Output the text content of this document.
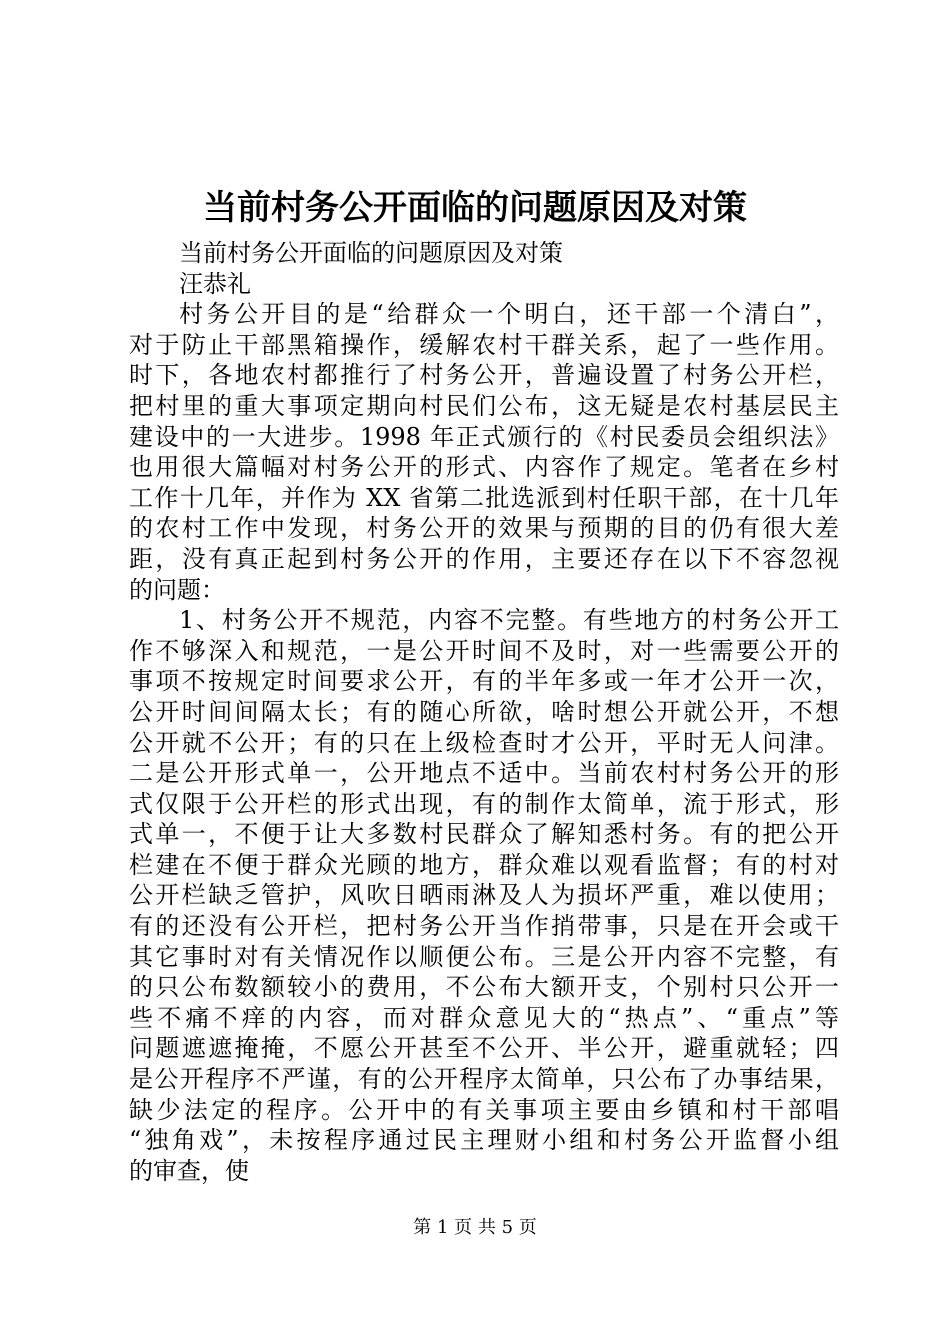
当前村务公开面临的问题原因及对策
当前村务公开面临的问题原因及对策
汪恭礼
村务公开目的是“给群众一个明白，还干部一个清白”，
对于防止干部黑箱操作，缓解农村干群关系，起了一些作用。
时下，各地农村都推行了村务公开，普遍设置了村务公开栏，
把村里的重大事项定期向村民们公布，这无疑是农村基层民主
建设中的一大进步。1998 年正式颁行的《村民委员会组织法》
也用很大篇幅对村务公开的形式、内容作了规定。笔者在乡村
工作十几年，并作为 XX 省第二批选派到村任职干部，在十几年
的农村工作中发现，村务公开的效果与预期的目的仍有很大差
距，没有真正起到村务公开的作用，主要还存在以下不容忽视
的问题：
1、村务公开不规范，内容不完整。有些地方的村务公开工
作不够深入和规范，一是公开时间不及时，对一些需要公开的
事项不按规定时间要求公开，有的半年多或一年才公开一次，
公开时间间隔太长；有的随心所欲，啥时想公开就公开，不想
公开就不公开；有的只在上级检查时才公开，平时无人问津。
二是公开形式单一，公开地点不适中。当前农村村务公开的形
式仅限于公开栏的形式出现，有的制作太简单，流于形式，形
式单一，不便于让大多数村民群众了解知悉村务。有的把公开
栏建在不便于群众光顾的地方，群众难以观看监督；有的村对
公开栏缺乏管护，风吹日晒雨淋及人为损坏严重，难以使用；
有的还没有公开栏，把村务公开当作捎带事，只是在开会或干
其它事时对有关情况作以顺便公布。三是公开内容不完整，有
的只公布数额较小的费用，不公布大额开支，个别村只公开一
些不痛不痒的内容，而对群众意见大的“热点”、“重点”等
问题遮遮掩掩，不愿公开甚至不公开、半公开，避重就轻；四
是公开程序不严谨，有的公开程序太简单，只公布了办事结果，
缺少法定的程序。公开中的有关事项主要由乡镇和村干部唱
“独角戏”，未按程序通过民主理财小组和村务公开监督小组
的审查，使
第 1 页 共 5 页
